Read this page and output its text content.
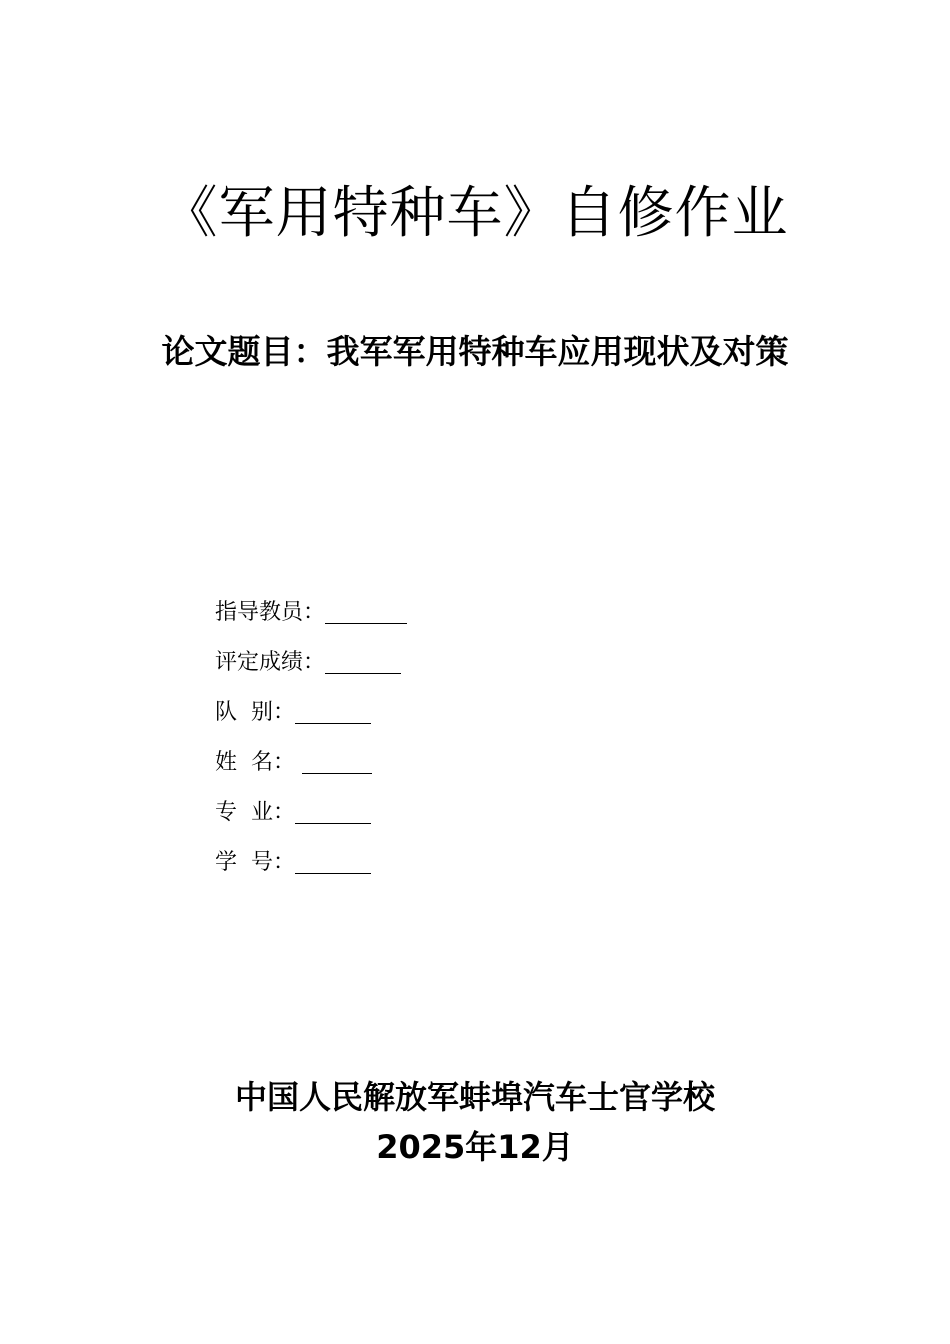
《军用特种车》自修作业
论文题目：我军军用特种车应用现状及对策
指导教员：
评定成绩：
队  别：
姓  名：
专  业：
学  号：
中国人民解放军蚌埠汽车士官学校
2025年12月
